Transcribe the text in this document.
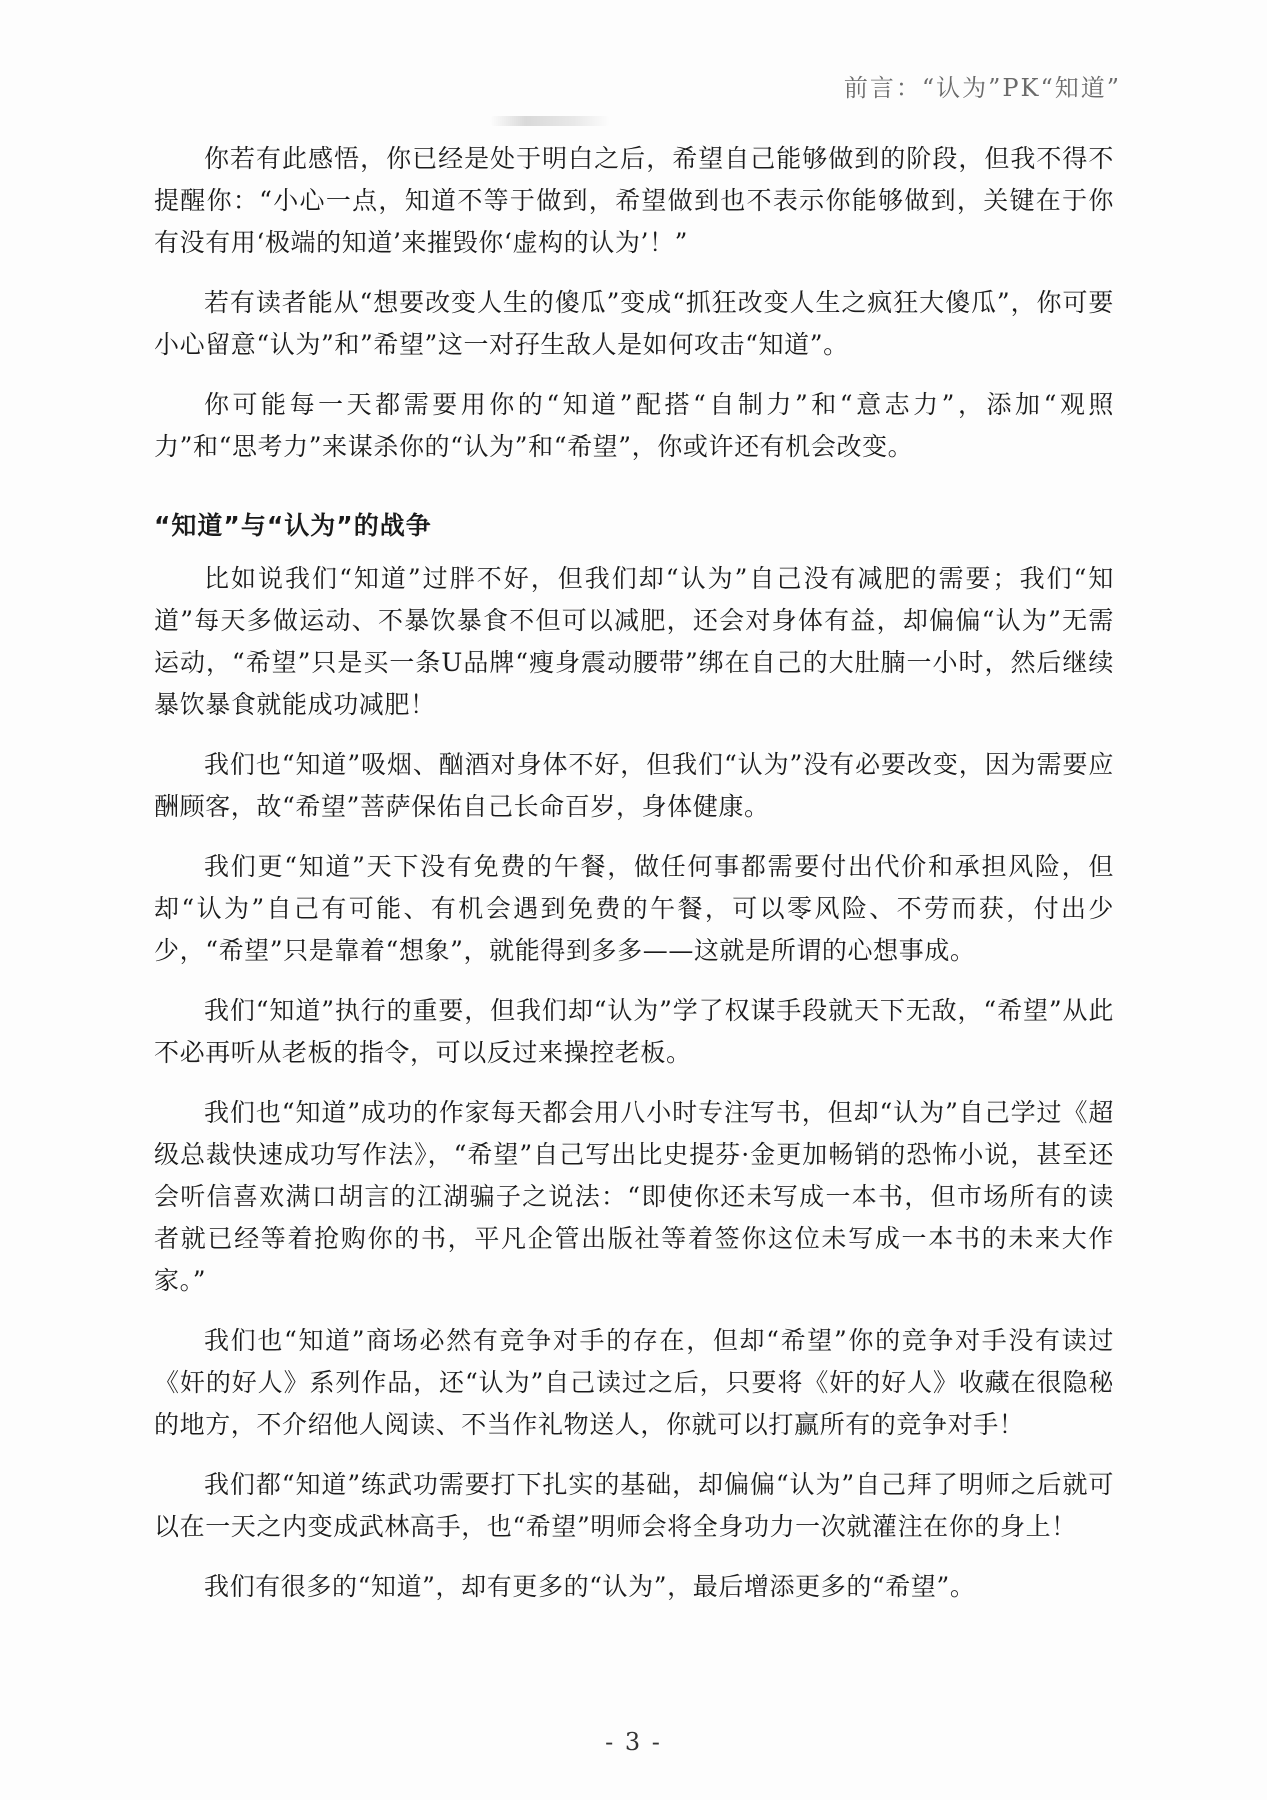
前言：“认为”PK“知道”

你若有此感悟，你已经是处于明白之后，希望自己能够做到的阶段，但我不得不提醒你：“小心一点，知道不等于做到，希望做到也不表示你能够做到，关键在于你有没有用‘极端的知道’来摧毁你‘虚构的认为’！”

若有读者能从“想要改变人生的傻瓜”变成“抓狂改变人生之疯狂大傻瓜”，你可要小心留意“认为”和”希望”这一对孖生敌人是如何攻击“知道”。

你可能每一天都需要用你的“知道”配搭“自制力”和“意志力”，添加“观照力”和“思考力”来谋杀你的“认为”和“希望”，你或许还有机会改变。

“知道”与“认为”的战争

比如说我们“知道”过胖不好，但我们却“认为”自己没有减肥的需要；我们“知道”每天多做运动、不暴饮暴食不但可以减肥，还会对身体有益，却偏偏“认为”无需运动，“希望”只是买一条U品牌“瘦身震动腰带”绑在自己的大肚腩一小时，然后继续暴饮暴食就能成功减肥！

我们也“知道”吸烟、酗酒对身体不好，但我们“认为”没有必要改变，因为需要应酬顾客，故“希望”菩萨保佑自己长命百岁，身体健康。

我们更“知道”天下没有免费的午餐，做任何事都需要付出代价和承担风险，但却“认为”自己有可能、有机会遇到免费的午餐，可以零风险、不劳而获，付出少少，“希望”只是靠着“想象”，就能得到多多——这就是所谓的心想事成。

我们“知道”执行的重要，但我们却“认为”学了权谋手段就天下无敌，“希望”从此不必再听从老板的指令，可以反过来操控老板。

我们也“知道”成功的作家每天都会用八小时专注写书，但却“认为”自己学过《超级总裁快速成功写作法》，“希望”自己写出比史提芬·金更加畅销的恐怖小说，甚至还会听信喜欢满口胡言的江湖骗子之说法：“即使你还未写成一本书，但市场所有的读者就已经等着抢购你的书，平凡企管出版社等着签你这位未写成一本书的未来大作家。”

我们也“知道”商场必然有竞争对手的存在，但却“希望”你的竞争对手没有读过《奸的好人》系列作品，还“认为”自己读过之后，只要将《奸的好人》收藏在很隐秘的地方，不介绍他人阅读、不当作礼物送人，你就可以打赢所有的竞争对手！

我们都“知道”练武功需要打下扎实的基础，却偏偏“认为”自己拜了明师之后就可以在一天之内变成武林高手，也“希望”明师会将全身功力一次就灌注在你的身上！

我们有很多的“知道”，却有更多的“认为”，最后增添更多的“希望”。

- 3 -
